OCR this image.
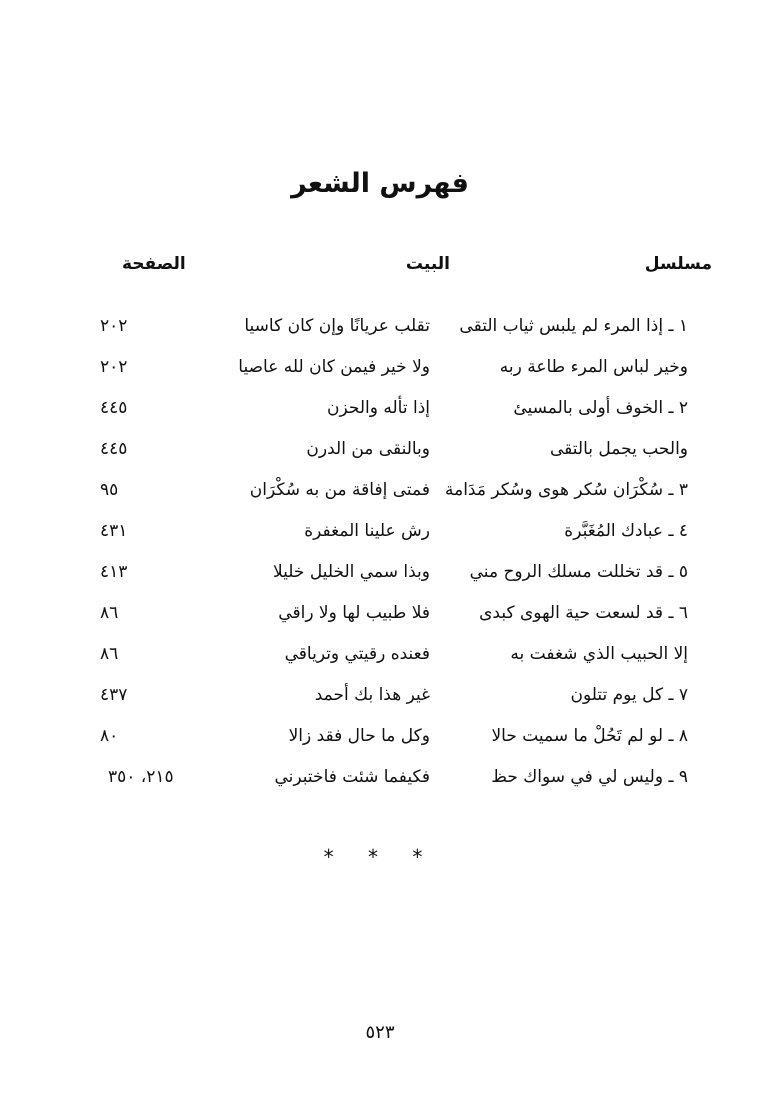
فهرس الشعر
مسلسل
البيت
الصفحة
١ ـ إذا المرء لم يلبس ثياب التقى
تقلب عريانًا وإن كان كاسيا
٢٠٢
وخير لباس المرء طاعة ربه
ولا خير فيمن كان لله عاصيا
٢٠٢
٢ ـ الخوف أولى بالمسيئ
إذا تأله والحزن
٤٤٥
والحب يجمل بالتقى
وبالنقى من الدرن
٤٤٥
٣ ـ سُكْرَان سُكر هوى وسُكر مَدَامة
فمتى إفاقة من به سُكْرَان
٩٥
٤ ـ عبادك المُغَبَّرة
رش علينا المغفرة
٤٣١
٥ ـ قد تخللت مسلك الروح مني
وبذا سمي الخليل خليلا
٤١٣
٦ ـ قد لسعت حية الهوى كبدى
فلا طبيب لها ولا راقي
٨٦
إلا الحبيب الذي شغفت به
فعنده رقيتي وترياقي
٨٦
٧ ـ كل يوم تتلون
غير هذا بك أحمد
٤٣٧
٨ ـ لو لم تَحُلْ ما سميت حالا
وكل ما حال فقد زالا
٨٠
٩ ـ وليس لي في سواك حظ
فكيفما شئت فاختبرني
٢١٥، ٣٥٠
* * *
٥٢٣
